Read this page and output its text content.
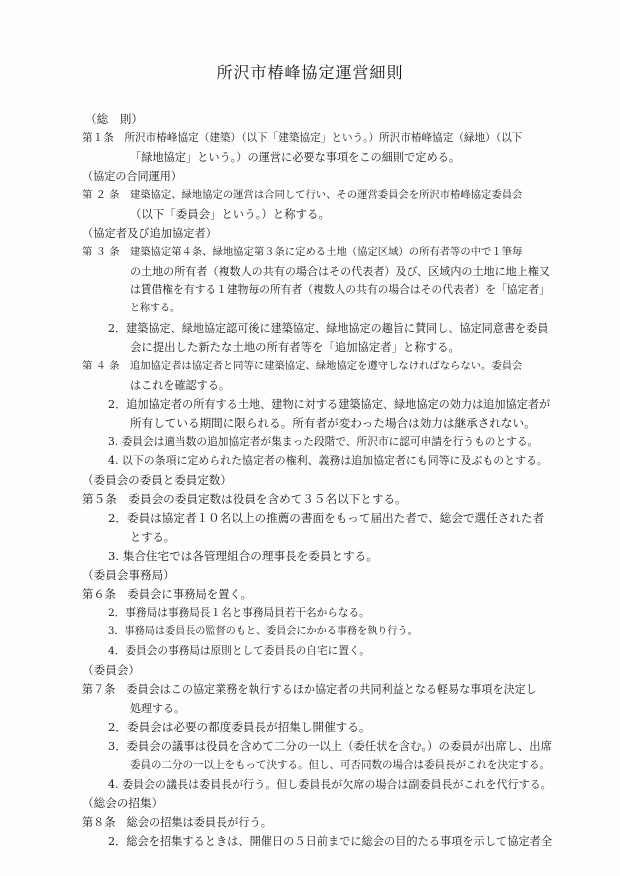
所沢市椿峰協定運営細則
（総　則）
第１条　所沢市椿峰協定（建築）（以下「建築協定」という。）所沢市椿峰協定（緑地）（以下
「緑地協定」という。）の運営に必要な事項をこの細則で定める。
（協定の合同運用）
第 ２ 条　建築協定、緑地協定の運営は合同して行い、その運営委員会を所沢市椿峰協定委員会
（以下「委員会」という。）と称する。
（協定者及び追加協定者）
第 ３ 条　建築協定第４条、緑地協定第３条に定める土地（協定区域）の所有者等の中で１筆毎
の土地の所有者（複数人の共有の場合はその代表者）及び、区域内の土地に地上権又
は賃借権を有する１建物毎の所有者（複数人の共有の場合はその代表者）を「協定者」
と称する。
2．建築協定、緑地協定認可後に建築協定、緑地協定の趣旨に賛同し、協定同意書を委員
会に提出した新たな土地の所有者等を「追加協定者」と称する。
第 ４ 条　追加協定者は協定者と同等に建築協定、緑地協定を遵守しなければならない。委員会
はこれを確認する。
2．追加協定者の所有する土地、建物に対する建築協定、緑地協定の効力は追加協定者が
所有している期間に限られる。所有者が変わった場合は効力は継承されない。
3. 委員会は適当数の追加協定者が集まった段階で、所沢市に認可申請を行うものとする。
4. 以下の条項に定められた協定者の権利、義務は追加協定者にも同等に及ぶものとする。
（委員会の委員と委員定数）
第５条　委員会の委員定数は役員を含めて３５名以下とする。
2．委員は協定者１０名以上の推薦の書面をもって届出た者で、総会で選任された者
とする。
3. 集合住宅では各管理組合の理事長を委員とする。
（委員会事務局）
第６条　委員会に事務局を置く。
2．事務局は事務局長１名と事務局員若干名からなる。
3．事務局は委員長の監督のもと、委員会にかかる事務を執り行う。
4．委員会の事務局は原則として委員長の自宅に置く。
（委員会）
第７条　委員会はこの協定業務を執行するほか協定者の共同利益となる軽易な事項を決定し
処理する。
2．委員会は必要の都度委員長が招集し開催する。
3．委員会の議事は役員を含めて二分の一以上（委任状を含む。）の委員が出席し、出席
委員の二分の一以上をもって決する。但し、可否同数の場合は委員長がこれを決定する。
4. 委員会の議長は委員長が行う。但し委員長が欠席の場合は副委員長がこれを代行する。
（総会の招集）
第８条　総会の招集は委員長が行う。
2．総会を招集するときは、開催日の５日前までに総会の目的たる事項を示して協定者全
